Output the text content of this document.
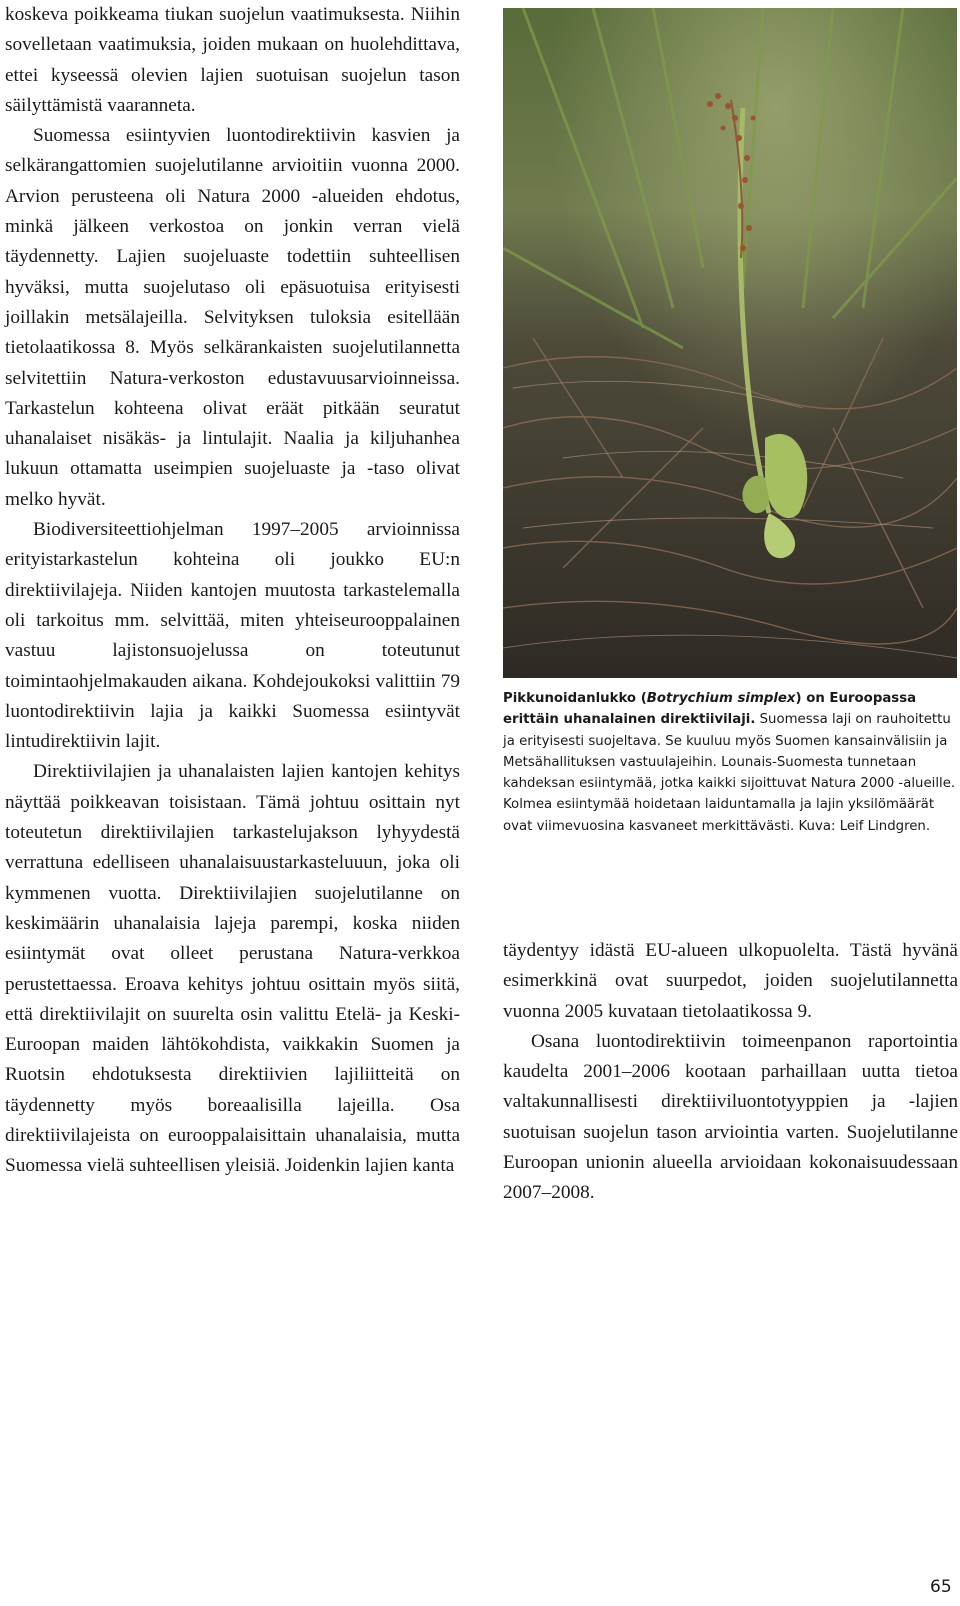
koskeva poikkeama tiukan suojelun vaatimuksesta. Niihin sovelletaan vaatimuksia, joiden mukaan on huolehdittava, ettei kyseessä olevien lajien suotuisan suojelun tason säilyttämistä vaaranneta.

Suomessa esiintyvien luontodirektiivin kasvien ja selkärangattomien suojelutilanne arvioitiin vuonna 2000. Arvion perusteena oli Natura 2000 -alueiden ehdotus, minkä jälkeen verkostoa on jonkin verran vielä täydennetty. Lajien suojeluaste todettiin suhteellisen hyväksi, mutta suojelutaso oli epäsuotuisa erityisesti joillakin metsälajeilla. Selvityksen tuloksia esitellään tietolaatikossa 8. Myös selkärankaisten suojelutilannetta selvitettiin Natura-verkoston edustavuusarvioinneissa. Tarkastelun kohteena olivat eräät pitkään seuratut uhanalaiset nisäkäs- ja lintulajit. Naalia ja kiljuhanhea lukuun ottamatta useimpien suojeluaste ja -taso olivat melko hyvät.

Biodiversiteettiohjelman 1997–2005 arvioinnissa erityistarkastelun kohteina oli joukko EU:n direktiivilajeja. Niiden kantojen muutosta tarkastelemalla oli tarkoitus mm. selvittää, miten yhteiseurooppalainen vastuu lajistonsuojelussa on toteutunut toimintaohjelmakauden aikana. Kohdejoukoksi valittiin 79 luontodirektiivin lajia ja kaikki Suomessa esiintyvät lintudirektiivin lajit.

Direktiivilajien ja uhanalaisten lajien kantojen kehitys näyttää poikkeavan toisistaan. Tämä johtuu osittain nyt toteutetun direktiivilajien tarkastelujakson lyhyydestä verrattuna edelliseen uhanalaisuustarkasteluuun, joka oli kymmenen vuotta. Direktiivilajien suojelutilanne on keskimäärin uhanalaisia lajeja parempi, koska niiden esiintymät ovat olleet perustana Natura-verkkoa perustettaessa. Eroava kehitys johtuu osittain myös siitä, että direktiivilajit on suurelta osin valittu Etelä- ja Keski-Euroopan maiden lähtökohdista, vaikkakin Suomen ja Ruotsin ehdotuksesta direktiivien lajiliitteitä on täydennetty myös boreaalisilla lajeilla. Osa direktiivilajeista on eurooppalaisittain uhanalaisia, mutta Suomessa vielä suhteellisen yleisiä. Joidenkin lajien kanta

Pikkunoidanlukko (Botrychium simplex) on Euroopassa erittäin uhanalainen direktiivilaji. Suomessa laji on rauhoitettu ja erityisesti suojeltava. Se kuuluu myös Suomen kansainvälisiin ja Metsähallituksen vastuulajeihin. Lounais-Suomesta tunnetaan kahdeksan esiintymää, jotka kaikki sijoittuvat Natura 2000 -alueille. Kolmea esiintymää hoidetaan laiduntamalla ja lajin yksilömäärät ovat viimevuosina kasvaneet merkittävästi. Kuva: Leif Lindgren.

täydentyy idästä EU-alueen ulkopuolelta. Tästä hyvänä esimerkkinä ovat suurpedot, joiden suojelutilannetta vuonna 2005 kuvataan tietolaatikossa 9.

Osana luontodirektiivin toimeenpanon raportointia kaudelta 2001–2006 kootaan parhaillaan uutta tietoa valtakunnallisesti direktiiviluontotyyppien ja -lajien suotuisan suojelun tason arviointia varten. Suojelutilanne Euroopan unionin alueella arvioidaan kokonaisuudessaan 2007–2008.

65
